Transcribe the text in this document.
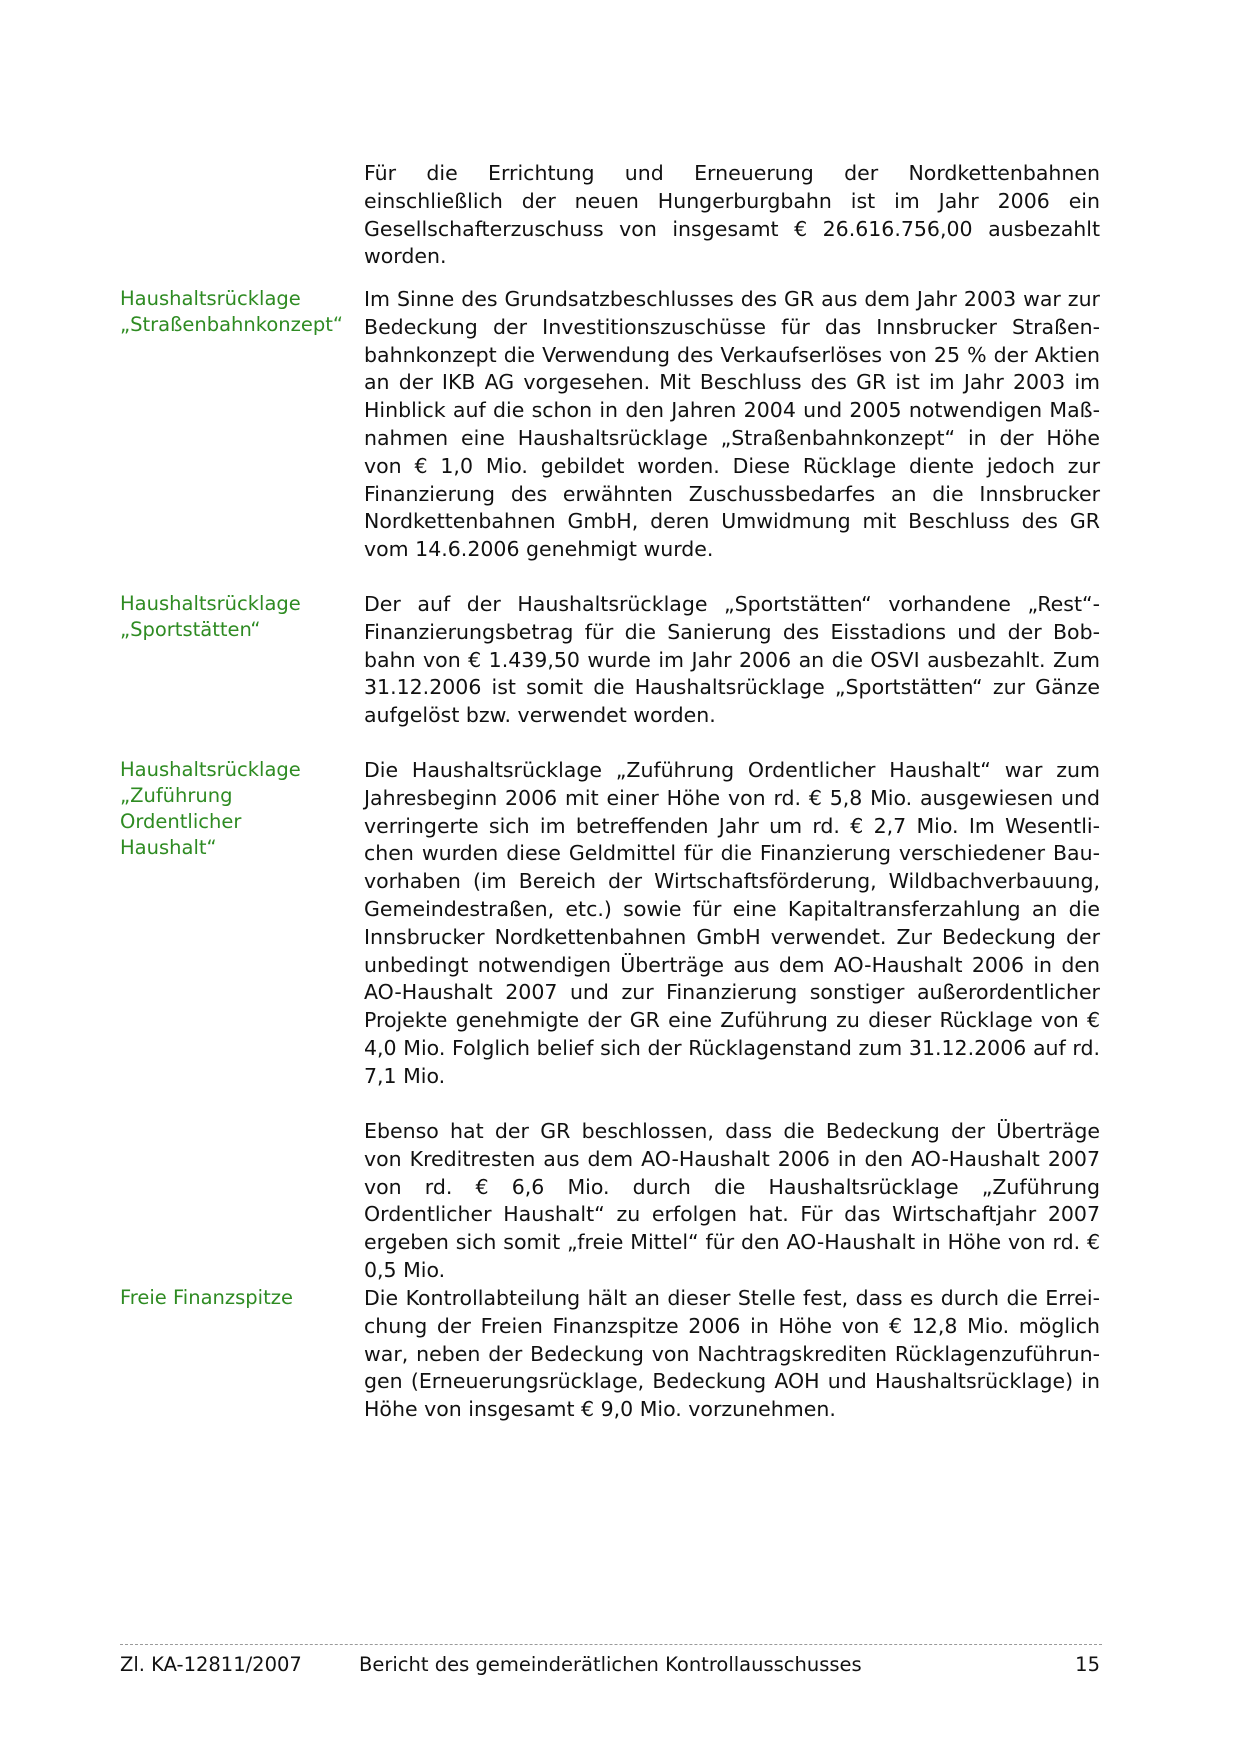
Für die Errichtung und Erneuerung der Nordkettenbahnen einschließlich der neuen Hungerburgbahn ist im Jahr 2006 ein Gesellschafterzuschuss von insgesamt € 26.616.756,00 ausbezahlt worden.

Haushaltsrücklage
„Straßenbahnkonzept“

Im Sinne des Grundsatzbeschlusses des GR aus dem Jahr 2003 war zur Bedeckung der Investitionszuschüsse für das Innsbrucker Straßenbahnkonzept die Verwendung des Verkaufserlöses von 25 % der Aktien an der IKB AG vorgesehen. Mit Beschluss des GR ist im Jahr 2003 im Hinblick auf die schon in den Jahren 2004 und 2005 notwendigen Maßnahmen eine Haushaltsrücklage „Straßenbahnkonzept“ in der Höhe von € 1,0 Mio. gebildet worden. Diese Rücklage diente jedoch zur Finanzierung des erwähnten Zuschussbedarfes an die Innsbrucker Nordkettenbahnen GmbH, deren Umwidmung mit Beschluss des GR vom 14.6.2006 genehmigt wurde.

Haushaltsrücklage
„Sportstätten“

Der auf der Haushaltsrücklage „Sportstätten“ vorhandene „Rest“-Finanzierungsbetrag für die Sanierung des Eisstadions und der Bobbahn von € 1.439,50 wurde im Jahr 2006 an die OSVI ausbezahlt. Zum 31.12.2006 ist somit die Haushaltsrücklage „Sportstätten“ zur Gänze aufgelöst bzw. verwendet worden.

Haushaltsrücklage
„Zuführung Ordentlicher
Haushalt“

Die Haushaltsrücklage „Zuführung Ordentlicher Haushalt“ war zum Jahresbeginn 2006 mit einer Höhe von rd. € 5,8 Mio. ausgewiesen und verringerte sich im betreffenden Jahr um rd. € 2,7 Mio. Im Wesentlichen wurden diese Geldmittel für die Finanzierung verschiedener Bauvorhaben (im Bereich der Wirtschaftsförderung, Wildbachverbauung, Gemeindestraßen, etc.) sowie für eine Kapitaltransferzahlung an die Innsbrucker Nordkettenbahnen GmbH verwendet. Zur Bedeckung der unbedingt notwendigen Überträge aus dem AO-Haushalt 2006 in den AO-Haushalt 2007 und zur Finanzierung sonstiger außerordentlicher Projekte genehmigte der GR eine Zuführung zu dieser Rücklage von € 4,0 Mio. Folglich belief sich der Rücklagenstand zum 31.12.2006 auf rd. 7,1 Mio.

Ebenso hat der GR beschlossen, dass die Bedeckung der Überträge von Kreditresten aus dem AO-Haushalt 2006 in den AO-Haushalt 2007 von rd. € 6,6 Mio. durch die Haushaltsrücklage „Zuführung Ordentlicher Haushalt“ zu erfolgen hat. Für das Wirtschaftjahr 2007 ergeben sich somit „freie Mittel“ für den AO-Haushalt in Höhe von rd. € 0,5 Mio.

Freie Finanzspitze	Die Kontrollabteilung hält an dieser Stelle fest, dass es durch die Erreichung der Freien Finanzspitze 2006 in Höhe von € 12,8 Mio. möglich war, neben der Bedeckung von Nachtragskrediten Rücklagenzuführungen (Erneuerungsrücklage, Bedeckung AOH und Haushaltsrücklage) in Höhe von insgesamt € 9,0 Mio. vorzunehmen.

Zl. KA-12811/2007	Bericht des gemeinderätlichen Kontrollausschusses	15
